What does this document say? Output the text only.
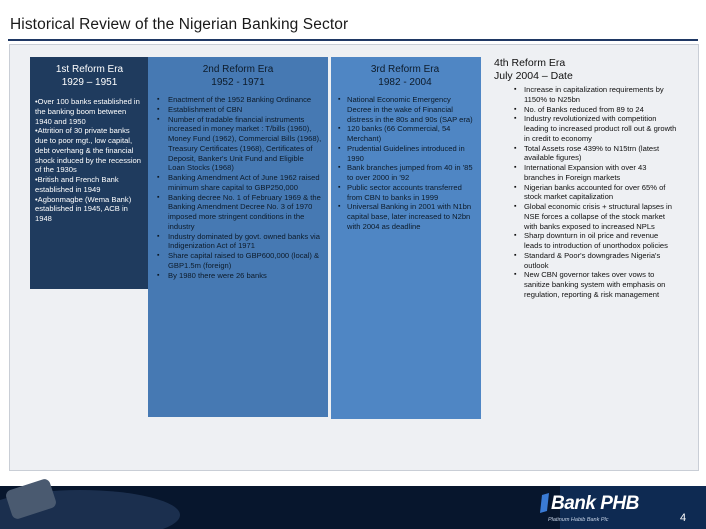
Historical Review of the Nigerian Banking Sector
1st Reform Era
1929 – 1951
•Over 100 banks established in the banking boom between 1940 and 1950
•Attrition of 30 private banks due to poor mgt., low capital, debt overhang & the financial shock induced by the recession of the 1930s
•British and French Bank established in 1949
•Agbonmagbe (Wema Bank) established in 1945, ACB in 1948
2nd Reform Era
1952 - 1971
▪ Enactment of the 1952 Banking Ordinance
▪ Establishment of CBN
▪ Number of tradable financial instruments increased in money market : T/bills (1960), Money Fund (1962), Commercial Bills (1968), Treasury Certificates (1968), Certificates of Deposit, Banker's Unit Fund and Eligible Loan Stocks (1968)
▪ Banking Amendment Act of June 1962 raised minimum share capital to GBP250,000
▪ Banking decree No. 1 of February 1969 & the Banking Amendment Decree No. 3 of 1970 imposed more stringent conditions in the industry
▪ Industry dominated by govt. owned banks via Indigenization Act of 1971
▪ Share capital raised to GBP600,000 (local) & GBP1.5m (foreign)
▪ By 1980 there were 26 banks
3rd Reform Era
1982 - 2004
▪ National Economic Emergency Decree in the wake of Financial distress in the 80s and 90s (SAP era)
▪ 120 banks (66 Commercial, 54 Merchant)
▪ Prudential Guidelines introduced in 1990
▪ Bank branches jumped from 40 in '85 to over 2000 in '92
▪ Public sector accounts transferred from CBN to banks in 1999
▪ Universal Banking in 2001 with N1bn capital base, later increased to N2bn with 2004 as deadline
4th Reform Era
July 2004 – Date
▪ Increase in capitalization requirements by 1150% to N25bn
▪ No. of Banks reduced from 89 to 24
▪ Industry revolutionized with competition leading to increased product roll out & growth in credit to economy
▪ Total Assets rose 439% to N15trn (latest available figures)
▪ International Expansion with over 43 branches in Foreign markets
▪ Nigerian banks accounted for over 65% of stock market capitalization
▪ Global economic crisis + structural lapses in NSE forces a collapse of the stock market with banks exposed to increased NPLs
▪ Sharp downturn in oil price and revenue leads to introduction of unorthodox policies
▪ Standard & Poor's downgrades Nigeria's outlook
▪ New CBN governor takes over vows to sanitize banking system with emphasis on regulation, reporting & risk management
Bank PHB
Platinum Habib Bank Plc	4
